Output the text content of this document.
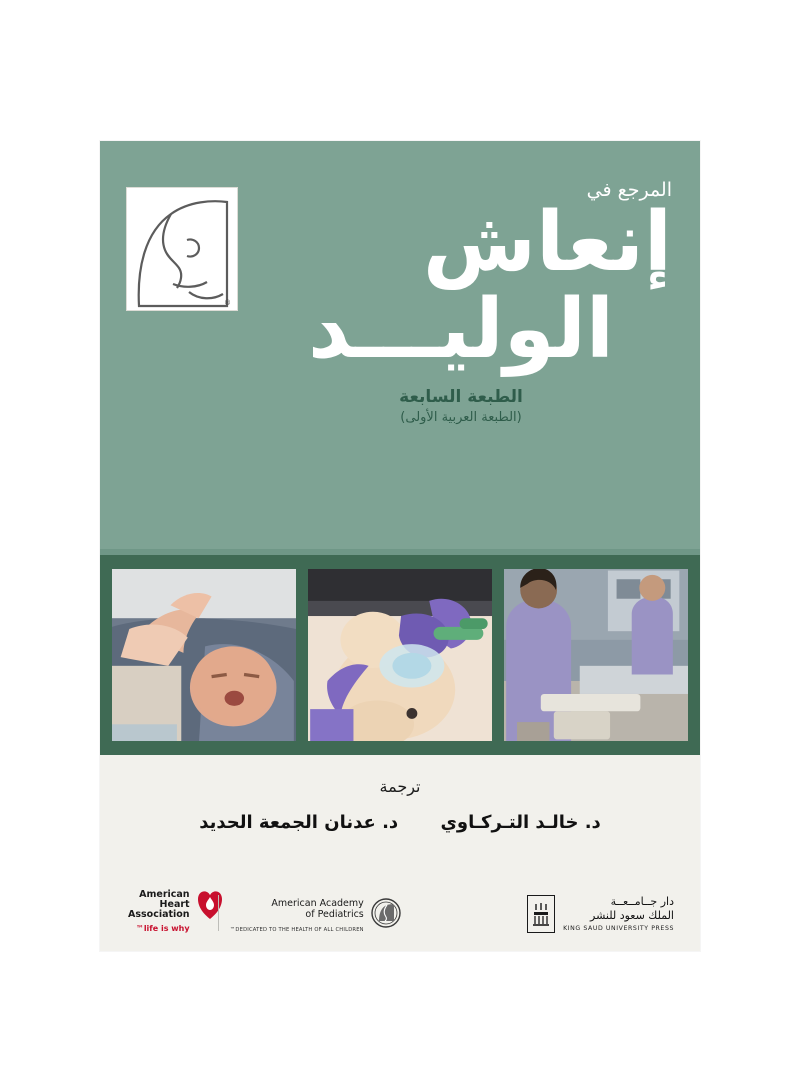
®
المرجع في
إنعاش
الوليـــد
الطبعة السابعة
(الطبعة العربية الأولى)
ترجمة
د. خالـد التـركـاوي د. عدنان الجمعة الحديد
American
Heart
Association
life is why™
American Academy
of Pediatrics
DEDICATED TO THE HEALTH OF ALL CHILDREN™
دار جــامــعــة
الملك سعود للنشر
KING SAUD UNIVERSITY PRESS
